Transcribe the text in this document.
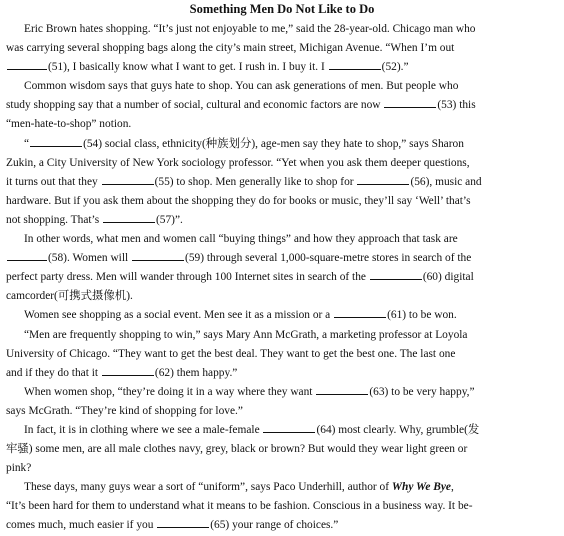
Something Men Do Not Like to Do
Eric Brown hates shopping. “It’s just not enjoyable to me,” said the 28-year-old. Chicago man who
was carrying several shopping bags along the city’s main street, Michigan Avenue. “When I’m out
(51), I basically know what I want to get. I rush in. I buy it. I	(52).”
Common wisdom says that guys hate to shop. You can ask generations of men. But people who
study shopping say that a number of social, cultural and economic factors are now	(53) this
“men-hate-to-shop” notion.
“	(54) social class, ethnicity(种族划分), age-men say they hate to shop,” says Sharon
Zukin, a City University of New York sociology professor. “Yet when you ask them deeper questions,
it turns out that they	(55) to shop. Men generally like to shop for	(56), music and
hardware. But if you ask them about the shopping they do for books or music, they’ll say ‘Well’ that’s
not shopping. That’s	(57)”.
In other words, what men and women call “buying things” and how they approach that task are
(58). Women will	(59) through several 1,000-square-metre stores in search of the
perfect party dress. Men will wander through 100 Internet sites in search of the	(60) digital
camcorder(可携式摄像机).
Women see shopping as a social event. Men see it as a mission or a	(61) to be won.
“Men are frequently shopping to win,” says Mary Ann McGrath, a marketing professor at Loyola
University of Chicago. “They want to get the best deal. They want to get the best one. The last one
and if they do that it	(62) them happy.”
When women shop, “they’re doing it in a way where they want	(63) to be very happy,”
says McGrath. “They’re kind of shopping for love.”
In fact, it is in clothing where we see a male-female	(64) most clearly. Why, grumble(发
牢骚) some men, are all male clothes navy, grey, black or brown? But would they wear light green or
pink?
These days, many guys wear a sort of “uniform”, says Paco Underhill, author of Why We Bye,
“It’s been hard for them to understand what it means to be fashion. Conscious in a business way. It be-
comes much, much easier if you	(65) your range of choices.”
